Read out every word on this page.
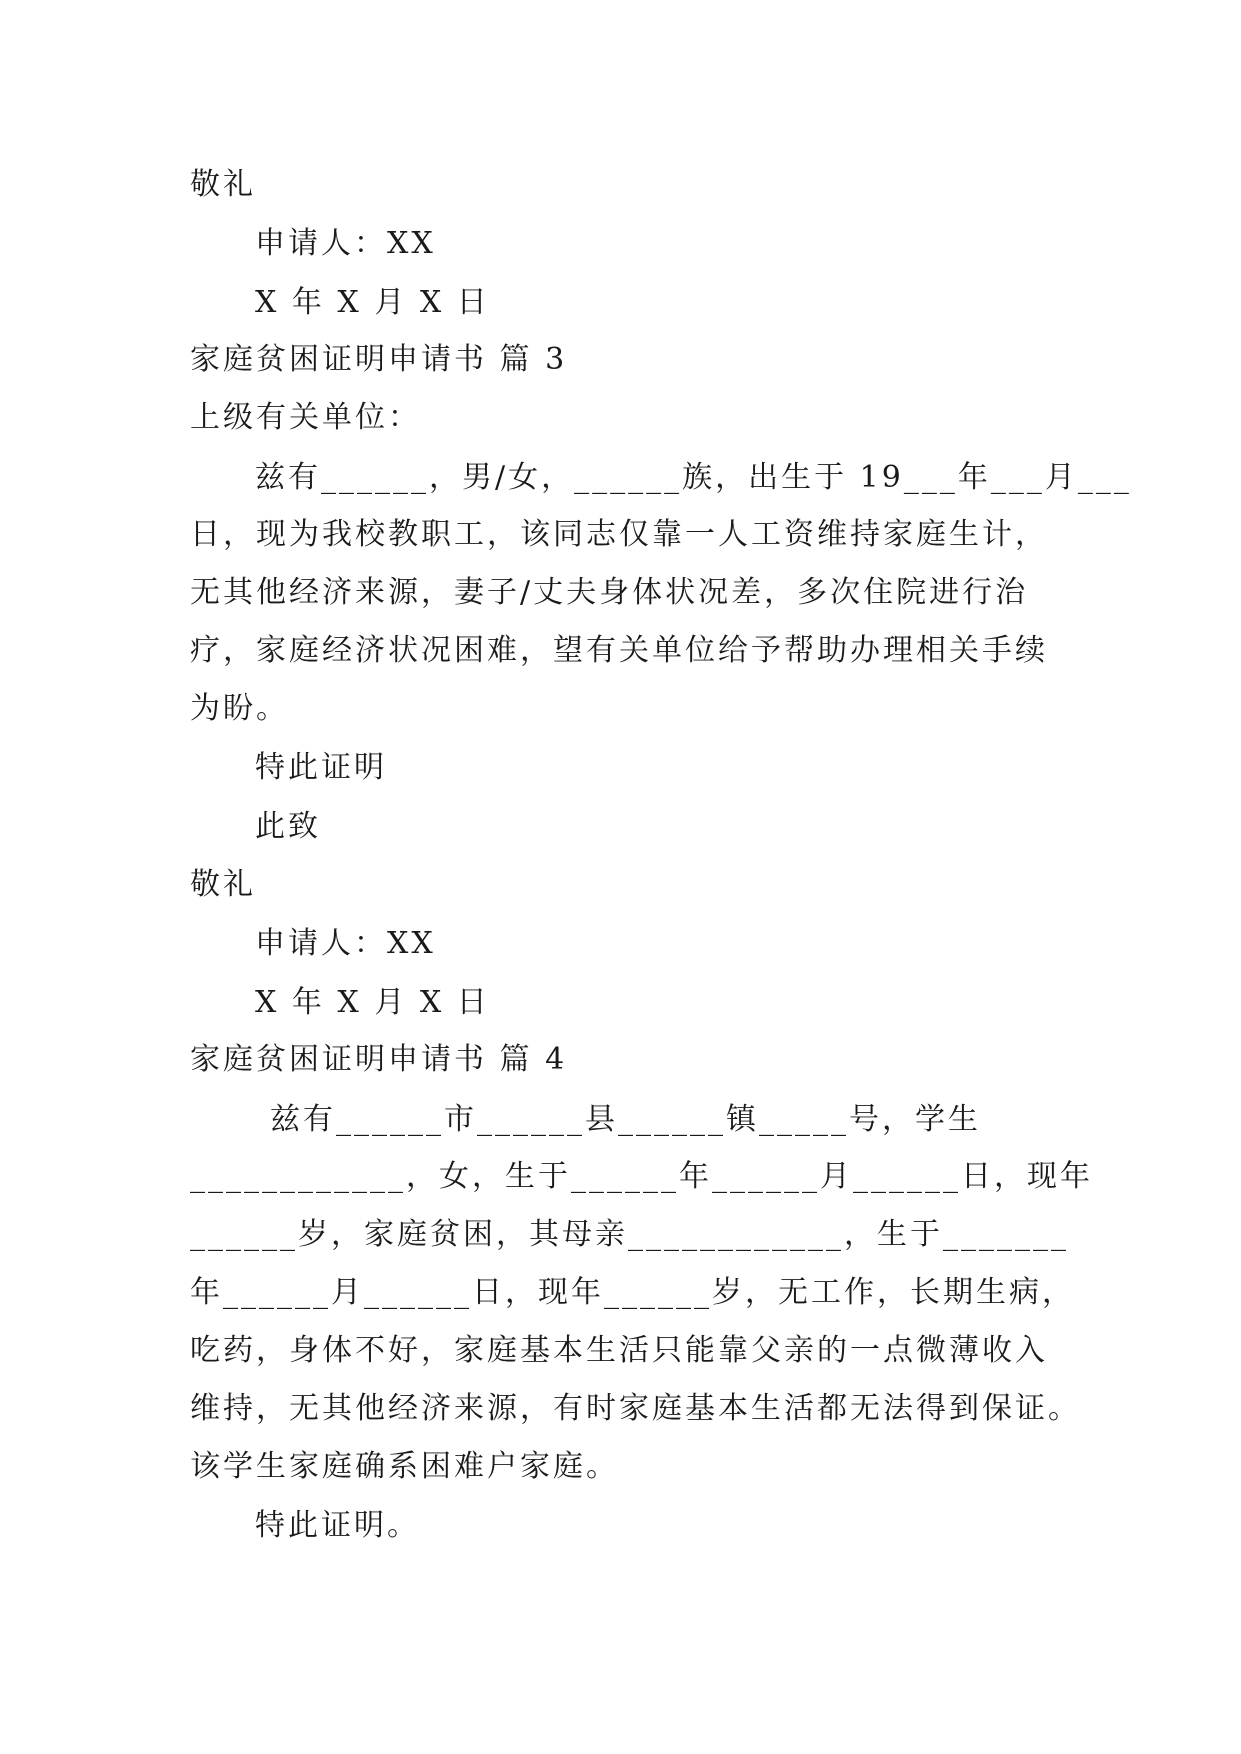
敬礼
申请人：XX
X 年 X 月 X 日
家庭贫困证明申请书 篇 3
上级有关单位：
兹有______，男/女，______族，出生于 19___年___月___
日，现为我校教职工，该同志仅靠一人工资维持家庭生计，
无其他经济来源，妻子/丈夫身体状况差，多次住院进行治
疗，家庭经济状况困难，望有关单位给予帮助办理相关手续
为盼。
特此证明
此致
敬礼
申请人：XX
X 年 X 月 X 日
家庭贫困证明申请书 篇 4
兹有______市______县______镇_____号，学生
____________，女，生于______年______月______日，现年
______岁，家庭贫困，其母亲____________，生于_______
年______月______日，现年______岁，无工作，长期生病，
吃药，身体不好，家庭基本生活只能靠父亲的一点微薄收入
维持，无其他经济来源，有时家庭基本生活都无法得到保证。
该学生家庭确系困难户家庭。
特此证明。
